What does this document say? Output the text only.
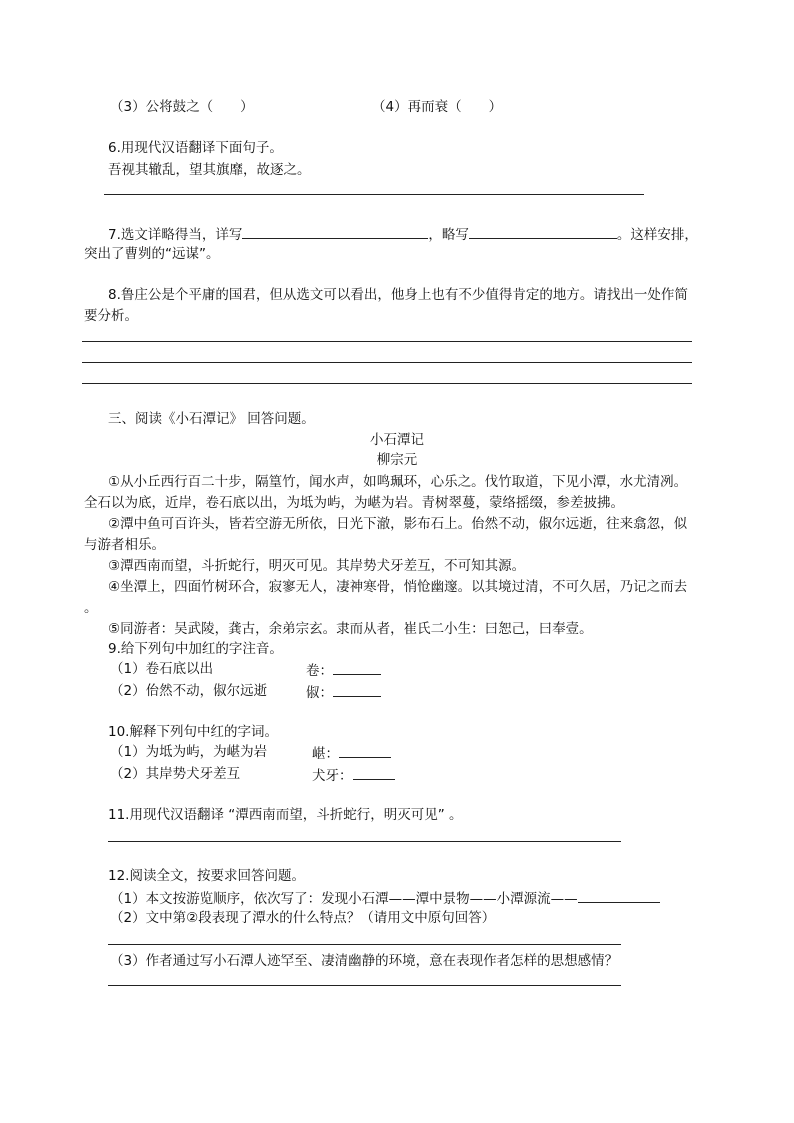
（3）公将鼓之（　　）	（4）再而衰（　　）
6.用现代汉语翻译下面句子。
吾视其辙乱，望其旗靡，故逐之。
7.选文详略得当，详写	，略写	。这样安排，
突出了曹刿的“远谋”。
8.鲁庄公是个平庸的国君，但从选文可以看出，他身上也有不少值得肯定的地方。请找出一处作简
要分析。
三、阅读《小石潭记》 回答问题。
小石潭记
柳宗元
①从小丘西行百二十步，隔篁竹，闻水声，如鸣珮环，心乐之。伐竹取道，下见小潭，水尤清冽。
全石以为底，近岸，卷石底以出，为坻为屿，为嵁为岩。青树翠蔓，蒙络摇缀，参差披拂。
②潭中鱼可百许头，皆若空游无所依，日光下澈，影布石上。佁然不动，俶尔远逝，往来翕忽，似
与游者相乐。
③潭西南而望，斗折蛇行，明灭可见。其岸势犬牙差互，不可知其源。
④坐潭上，四面竹树环合，寂寥无人，凄神寒骨，悄怆幽邃。以其境过清，不可久居，乃记之而去
。
⑤同游者：吴武陵，龚古，余弟宗玄。隶而从者，崔氏二小生：曰恕己，曰奉壹。
9.给下列句中加红的字注音。
（1）卷石底以出	卷：
（2）佁然不动，俶尔远逝	俶：
10.解释下列句中红的字词。
（1）为坻为屿，为嵁为岩	嵁：
（2）其岸势犬牙差互	犬牙：
11.用现代汉语翻译 “潭西南而望，斗折蛇行，明灭可见” 。
12.阅读全文，按要求回答问题。
（1）本文按游览顺序，依次写了：发现小石潭——潭中景物——小潭源流——
（2）文中第②段表现了潭水的什么特点？（请用文中原句回答）
（3）作者通过写小石潭人迹罕至、凄清幽静的环境，意在表现作者怎样的思想感情？
